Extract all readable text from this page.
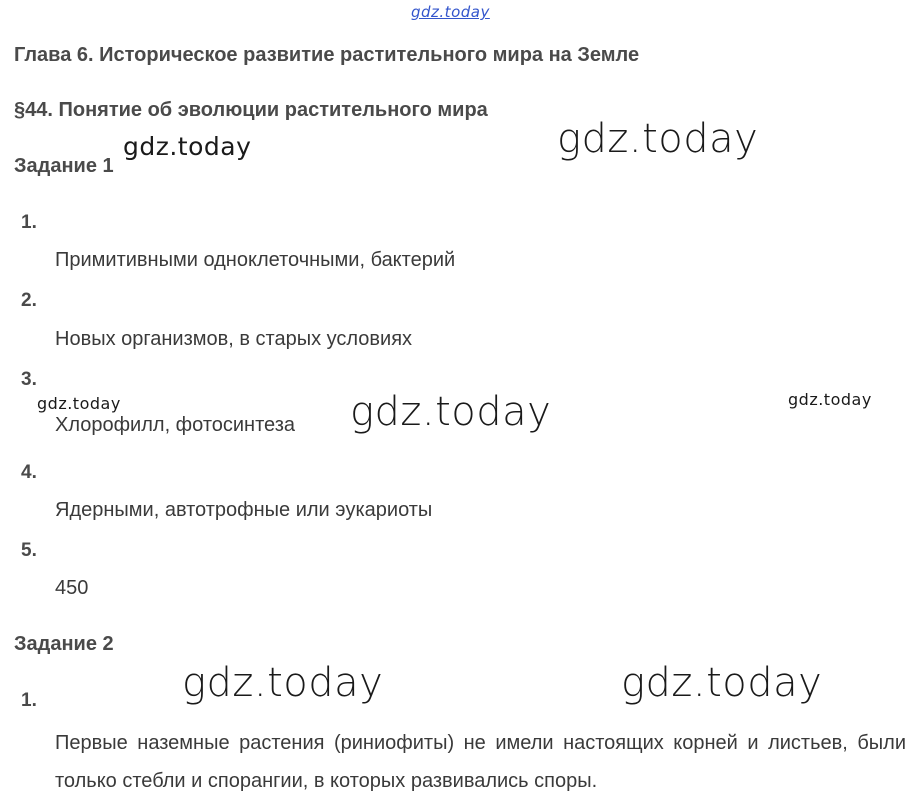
gdz.today
gdz.today	gdz.today
gdz.today	gdz.today	gdz.today
gdz.today	gdz.today
Глава 6. Историческое развитие растительного мира на Земле
§44. Понятие об эволюции растительного мира
Задание 1
1.
Примитивными одноклеточными, бактерий
2.
Новых организмов, в старых условиях
3.
Хлорофилл, фотосинтеза
4.
Ядерными, автотрофные или эукариоты
5.
450
Задание 2
1.
Первые наземные растения (риниофиты) не имели настоящих корней и листьев, были только стебли и спорангии, в которых развивались споры.
